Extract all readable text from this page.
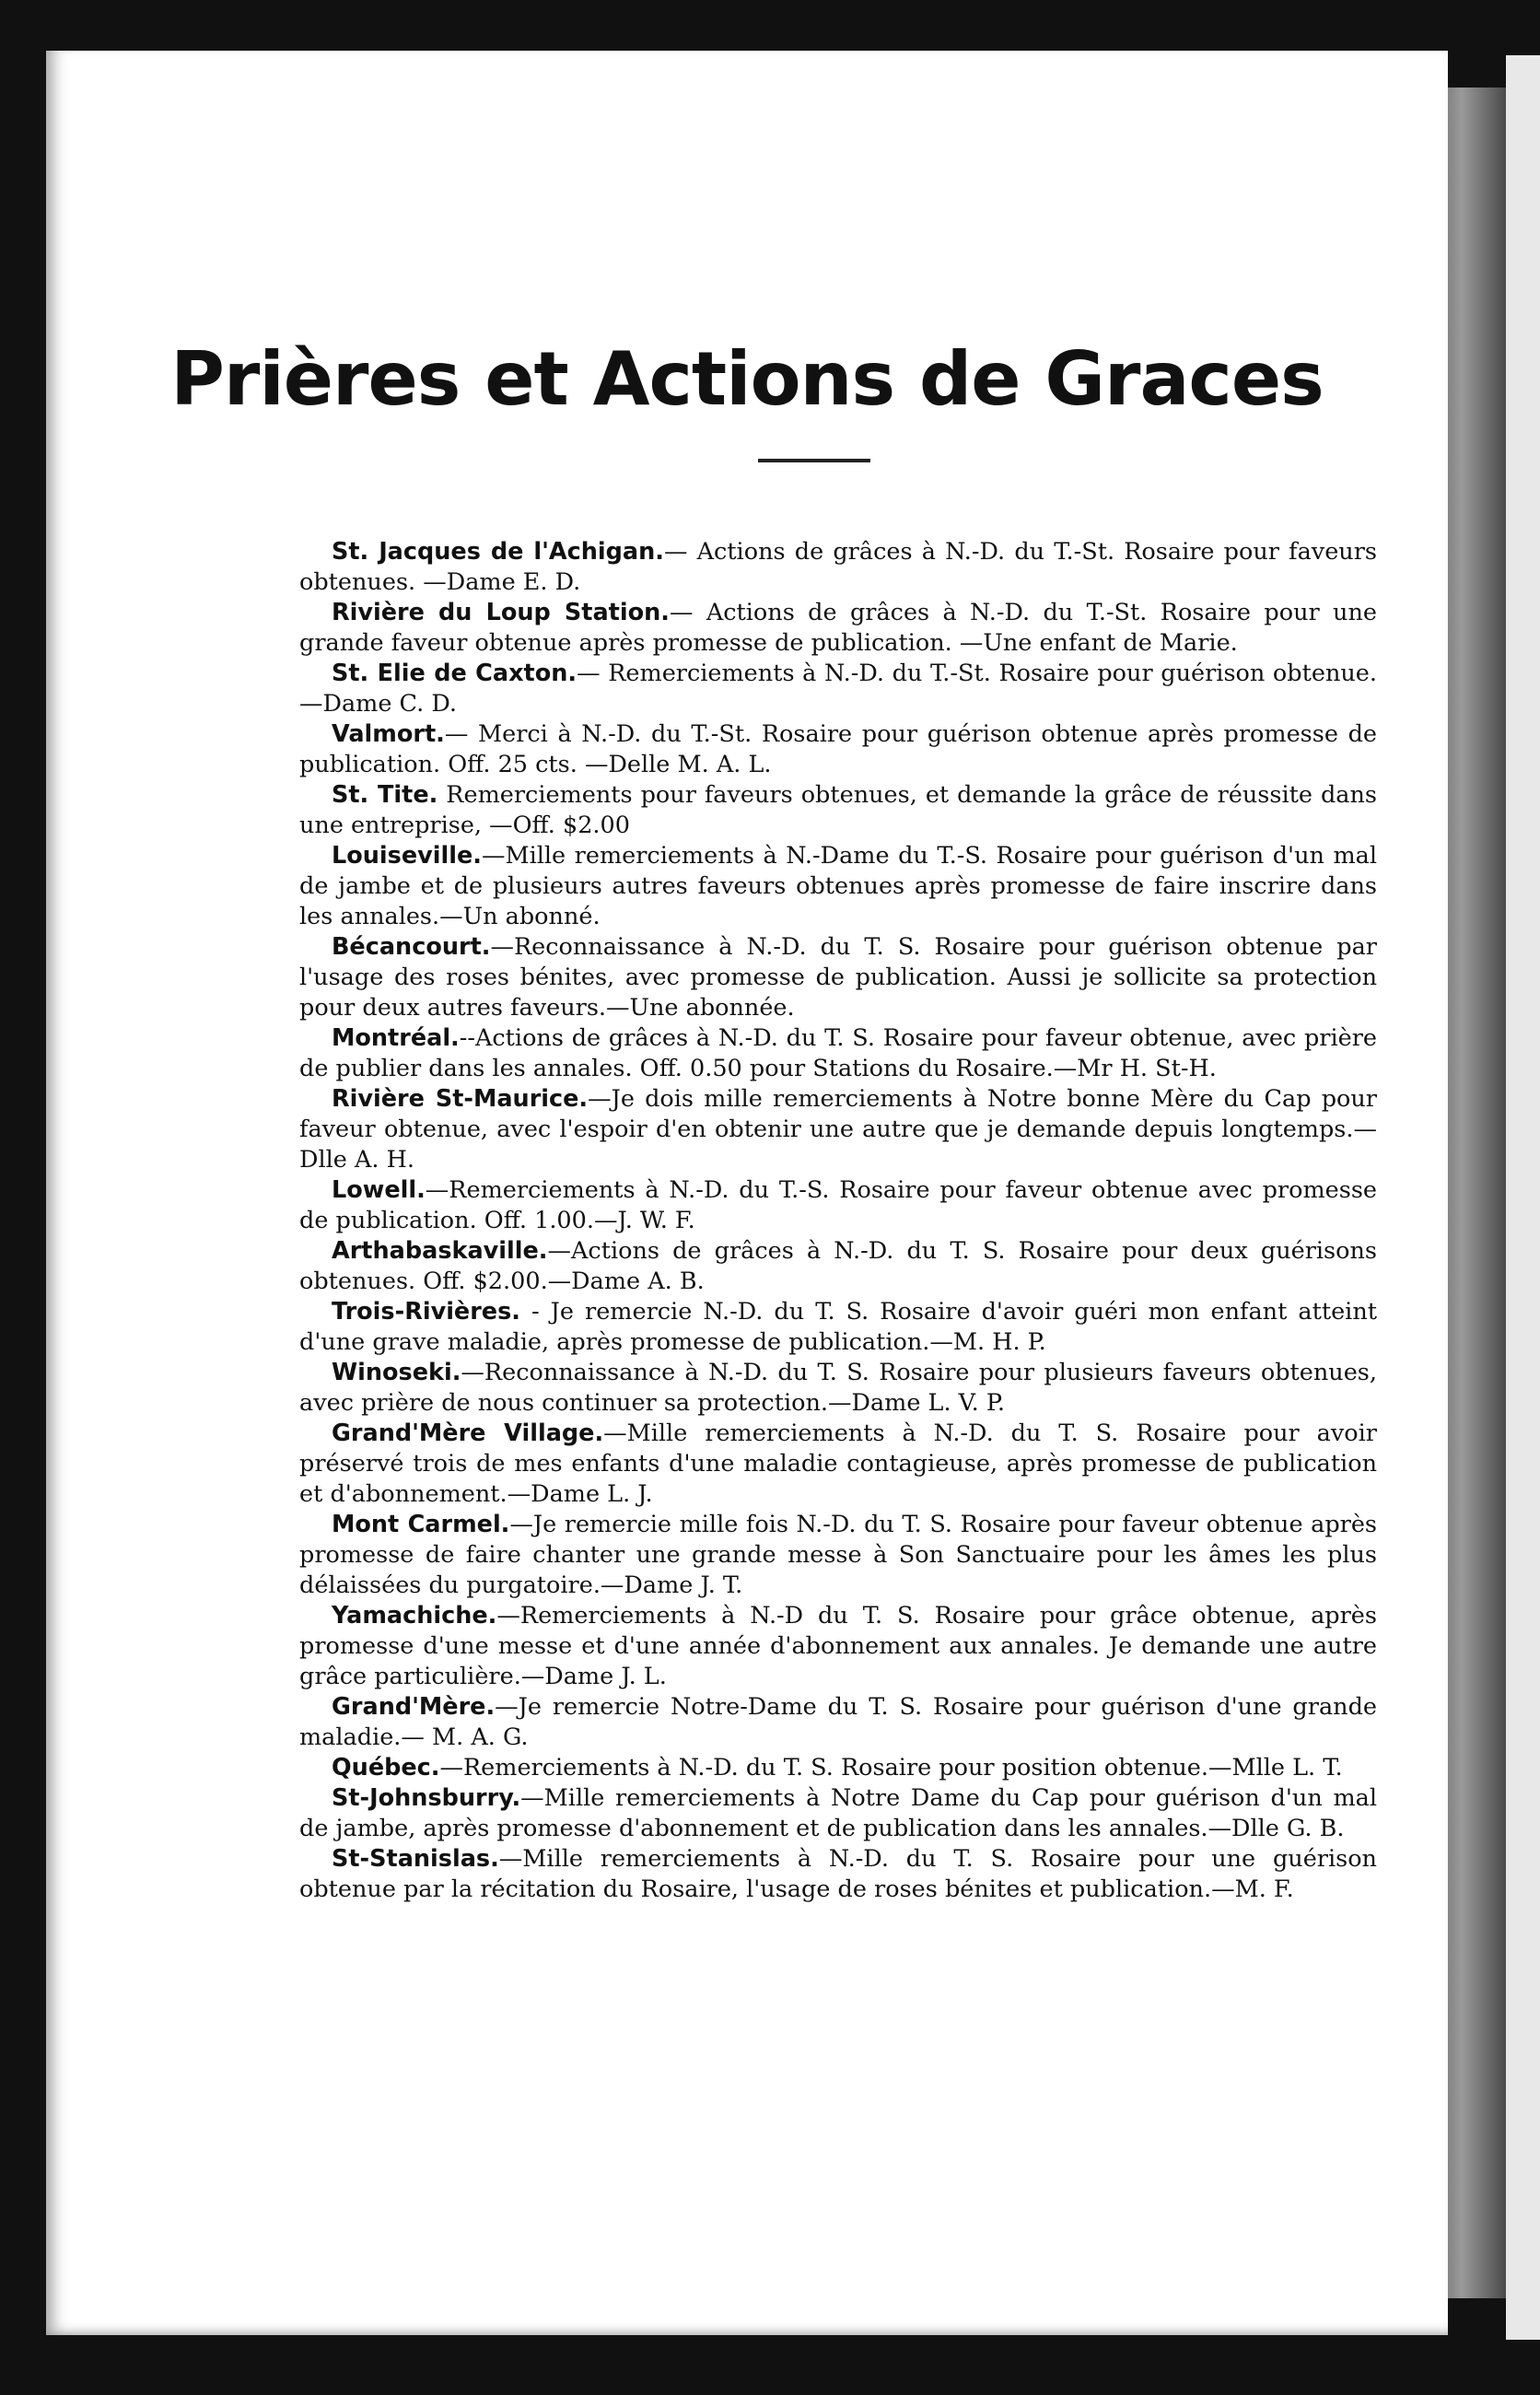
Prières et Actions de Graces

St. Jacques de l'Achigan.— Actions de grâces à N.-D. du T.-St. Rosaire pour faveurs obtenues. —Dame E. D.

Rivière du Loup Station.— Actions de grâces à N.-D. du T.-St. Rosaire pour une grande faveur obtenue après promesse de publication. —Une enfant de Marie.

St. Elie de Caxton.— Remerciements à N.-D. du T.-St. Rosaire pour guérison obtenue. —Dame C. D.

Valmort.— Merci à N.-D. du T.-St. Rosaire pour guérison obtenue après promesse de publication. Off. 25 cts. —Delle M. A. L.

St. Tite. Remerciements pour faveurs obtenues, et demande la grâce de réussite dans une entreprise, —Off. $2.00

Louiseville.—Mille remerciements à N.-Dame du T.-S. Rosaire pour guérison d'un mal de jambe et de plusieurs autres faveurs obtenues après promesse de faire inscrire dans les annales.—Un abonné.

Bécancourt.—Reconnaissance à N.-D. du T. S. Rosaire pour guérison obtenue par l'usage des roses bénites, avec promesse de publication. Aussi je sollicite sa protection pour deux autres faveurs.—Une abonnée.

Montréal.--Actions de grâces à N.-D. du T. S. Rosaire pour faveur obtenue, avec prière de publier dans les annales. Off. 0.50 pour Stations du Rosaire.—Mr H. St-H.

Rivière St-Maurice.—Je dois mille remerciements à Notre bonne Mère du Cap pour faveur obtenue, avec l'espoir d'en obtenir une autre que je demande depuis longtemps.—Dlle A. H.

Lowell.—Remerciements à N.-D. du T.-S. Rosaire pour faveur obtenue avec promesse de publication. Off. 1.00.—J. W. F.

Arthabaskaville.—Actions de grâces à N.-D. du T. S. Rosaire pour deux guérisons obtenues. Off. $2.00.—Dame A. B.

Trois-Rivières. - Je remercie N.-D. du T. S. Rosaire d'avoir guéri mon enfant atteint d'une grave maladie, après promesse de publication.—M. H. P.

Winoseki.—Reconnaissance à N.-D. du T. S. Rosaire pour plusieurs faveurs obtenues, avec prière de nous continuer sa protection.—Dame L. V. P.

Grand'Mère Village.—Mille remerciements à N.-D. du T. S. Rosaire pour avoir préservé trois de mes enfants d'une maladie contagieuse, après promesse de publication et d'abonnement.—Dame L. J.

Mont Carmel.—Je remercie mille fois N.-D. du T. S. Rosaire pour faveur obtenue après promesse de faire chanter une grande messe à Son Sanctuaire pour les âmes les plus délaissées du purgatoire.—Dame J. T.

Yamachiche.—Remerciements à N.-D du T. S. Rosaire pour grâce obtenue, après promesse d'une messe et d'une année d'abonnement aux annales. Je demande une autre grâce particulière.—Dame J. L.

Grand'Mère.—Je remercie Notre-Dame du T. S. Rosaire pour guérison d'une grande maladie.— M. A. G.

Québec.—Remerciements à N.-D. du T. S. Rosaire pour position obtenue.—Mlle L. T.

St-Johnsburry.—Mille remerciements à Notre Dame du Cap pour guérison d'un mal de jambe, après promesse d'abonnement et de publication dans les annales.—Dlle G. B.

St-Stanislas.—Mille remerciements à N.-D. du T. S. Rosaire pour une guérison obtenue par la récitation du Rosaire, l'usage de roses bénites et publication.—M. F.
